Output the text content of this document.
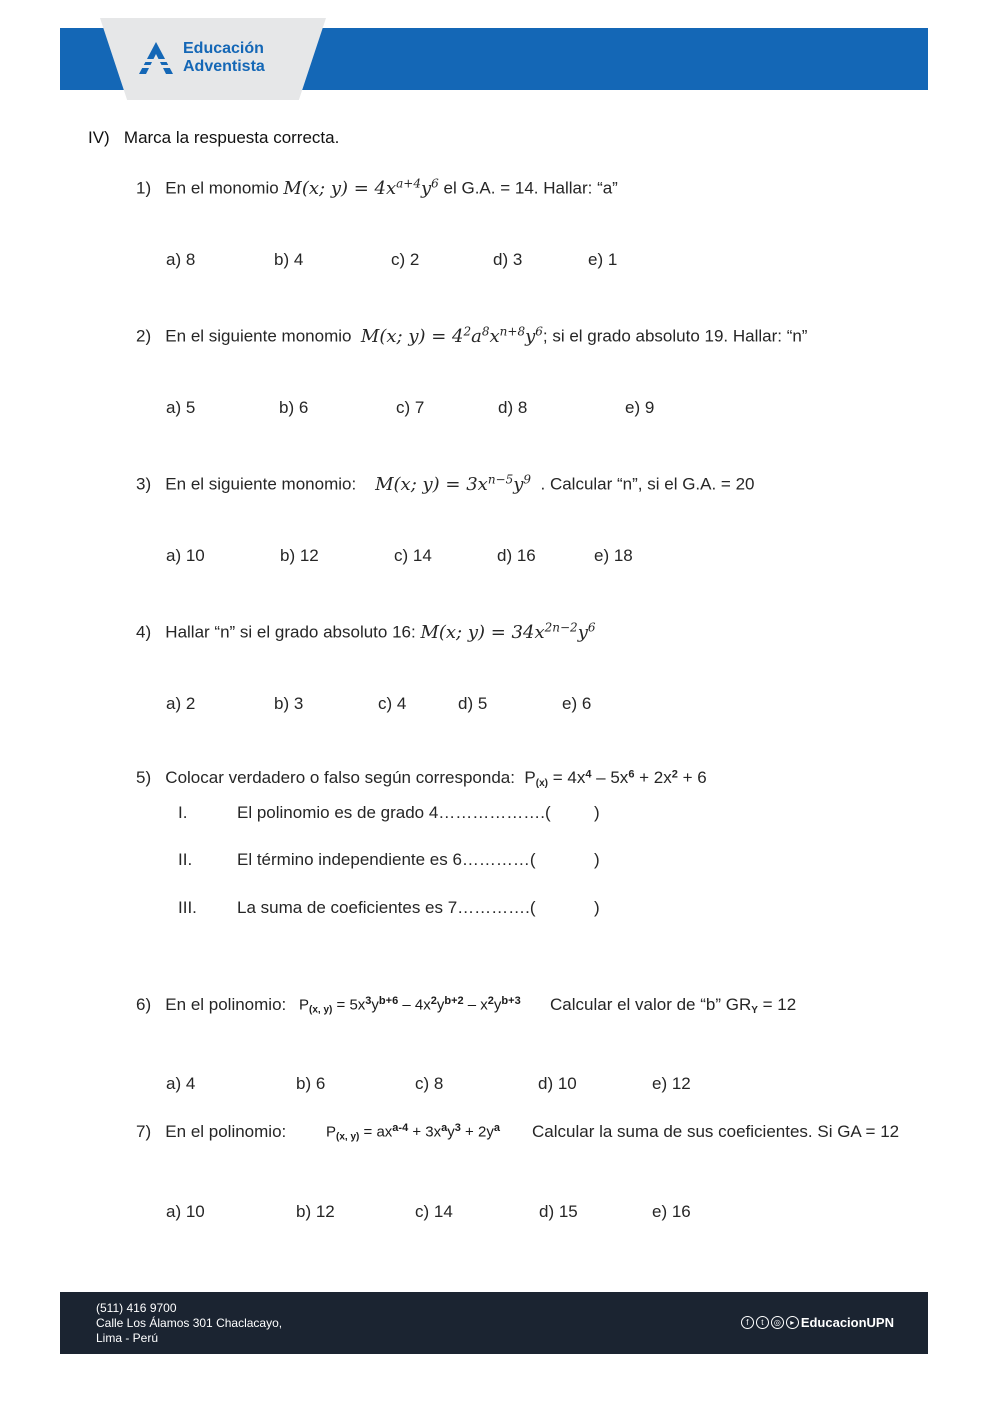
Educación
Adventista
IV) Marca la respuesta correcta.
1) En el monomio M(x; $y) = 4x^{a+4}y^6$ el G.A. = 14. Hallar: “a”
a) 8	b) 4	c) 2	d) 3	e) 1
2) En el siguiente monomio M(x; $y) = 4^2a^8x^{n+8}y^6$; si el grado absoluto 19. Hallar: “n”
a) 5	b) 6	c) 7	d) 8	e) 9
3) En el siguiente monomio: M(x; $y) = 3x^{n-5}y^9$ . Calcular “n”, si el G.A. = 20
a) 10	b) 12	c) 14	d) 16	e) 18
4) Hallar “n” si el grado absoluto 16: M(x; $y) = 34x^{2n-2}y^6$
a) 2	b) 3	c) 4	d) 5	e) 6
5) Colocar verdadero o falso según corresponda: $P_{(x)} = 4x^4 - 5x^6 + 2x^2 + 6$
I.	El polinomio es de grado 4……………….(	)
II.	El término independiente es 6…………(	)
III. La suma de coeficientes es 7………….(	)
6) En el polinomio: $P_{(x, y)} = 5x^3y^{b+6} - 4x^2y^{b+2} - x^2y^{b+3}$ Calcular el valor de “b” $GR_Y = 12$
a) 4	b) 6	c) 8	d) 10	e) 12
7) En el polinomio:	$P_{(x, y)} = ax^{a-4} + 3x^ay^3 + 2y^a$ Calcular la suma de sus coeficientes. Si GA = 12
a) 10	b) 12	c) 14	d) 15	e) 16
(511) 416 9700
Calle Los Álamos 301 Chaclacayo,
Lima - Perú
f	t	◎	▸ EducacionUPN
